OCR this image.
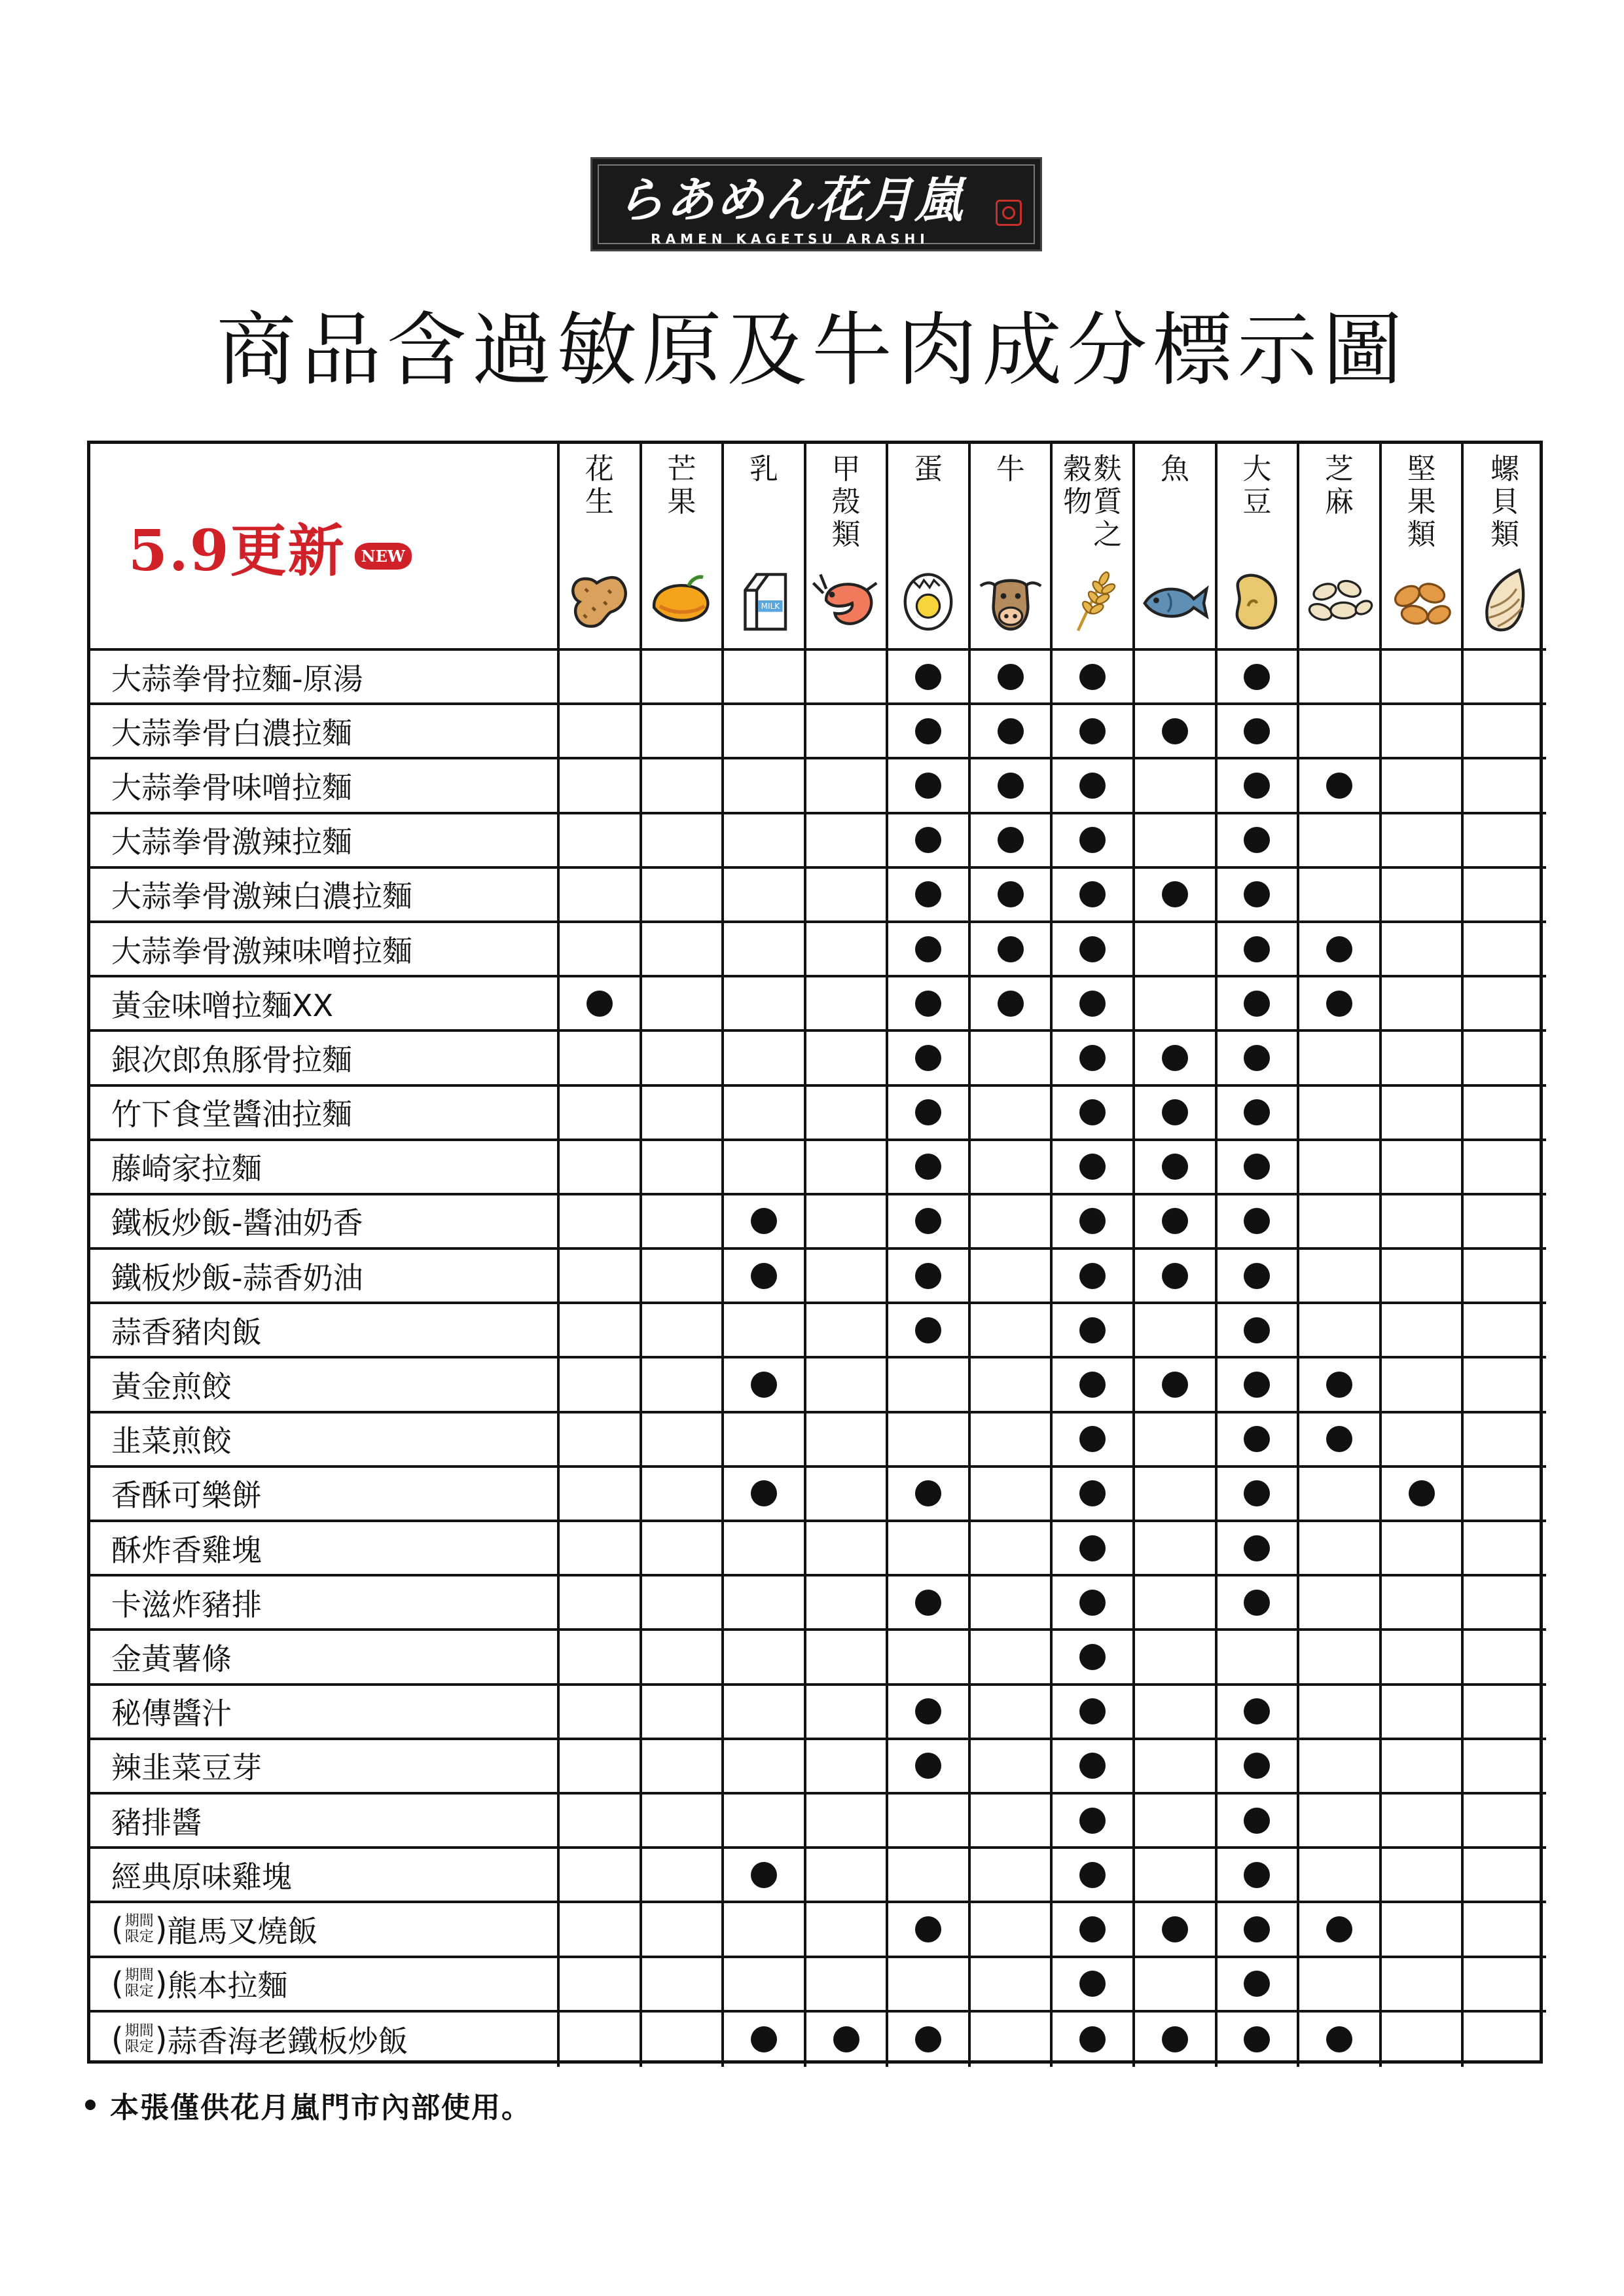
らあめん花月嵐
RAMEN KAGETSU ARASHI
商品含過敏原及牛肉成分標示圖
5.9更新	NEW
花
生
芒
果
乳
MILK
甲
殼
類
蛋 牛 麩
質
之
穀
物
魚 大
豆
芝
麻
堅
果
類
螺
貝
類
大蒜拳骨拉麵-原湯
大蒜拳骨白濃拉麵
大蒜拳骨味噌拉麵
大蒜拳骨激辣拉麵
大蒜拳骨激辣白濃拉麵
大蒜拳骨激辣味噌拉麵
黃金味噌拉麵XX
銀次郎魚豚骨拉麵
竹下食堂醬油拉麵
藤崎家拉麵
鐵板炒飯-醬油奶香
鐵板炒飯-蒜香奶油
蒜香豬肉飯
黃金煎餃
韭菜煎餃
香酥可樂餅
酥炸香雞塊
卡滋炸豬排
金黃薯條
秘傳醬汁
辣韭菜豆芽
豬排醬
經典原味雞塊
( 期間
限定 ) 龍馬叉燒飯
( 期間
限定 ) 熊本拉麵
( 期間
限定 ) 蒜香海老鐵板炒飯
本張僅供花月嵐門市內部使用。
